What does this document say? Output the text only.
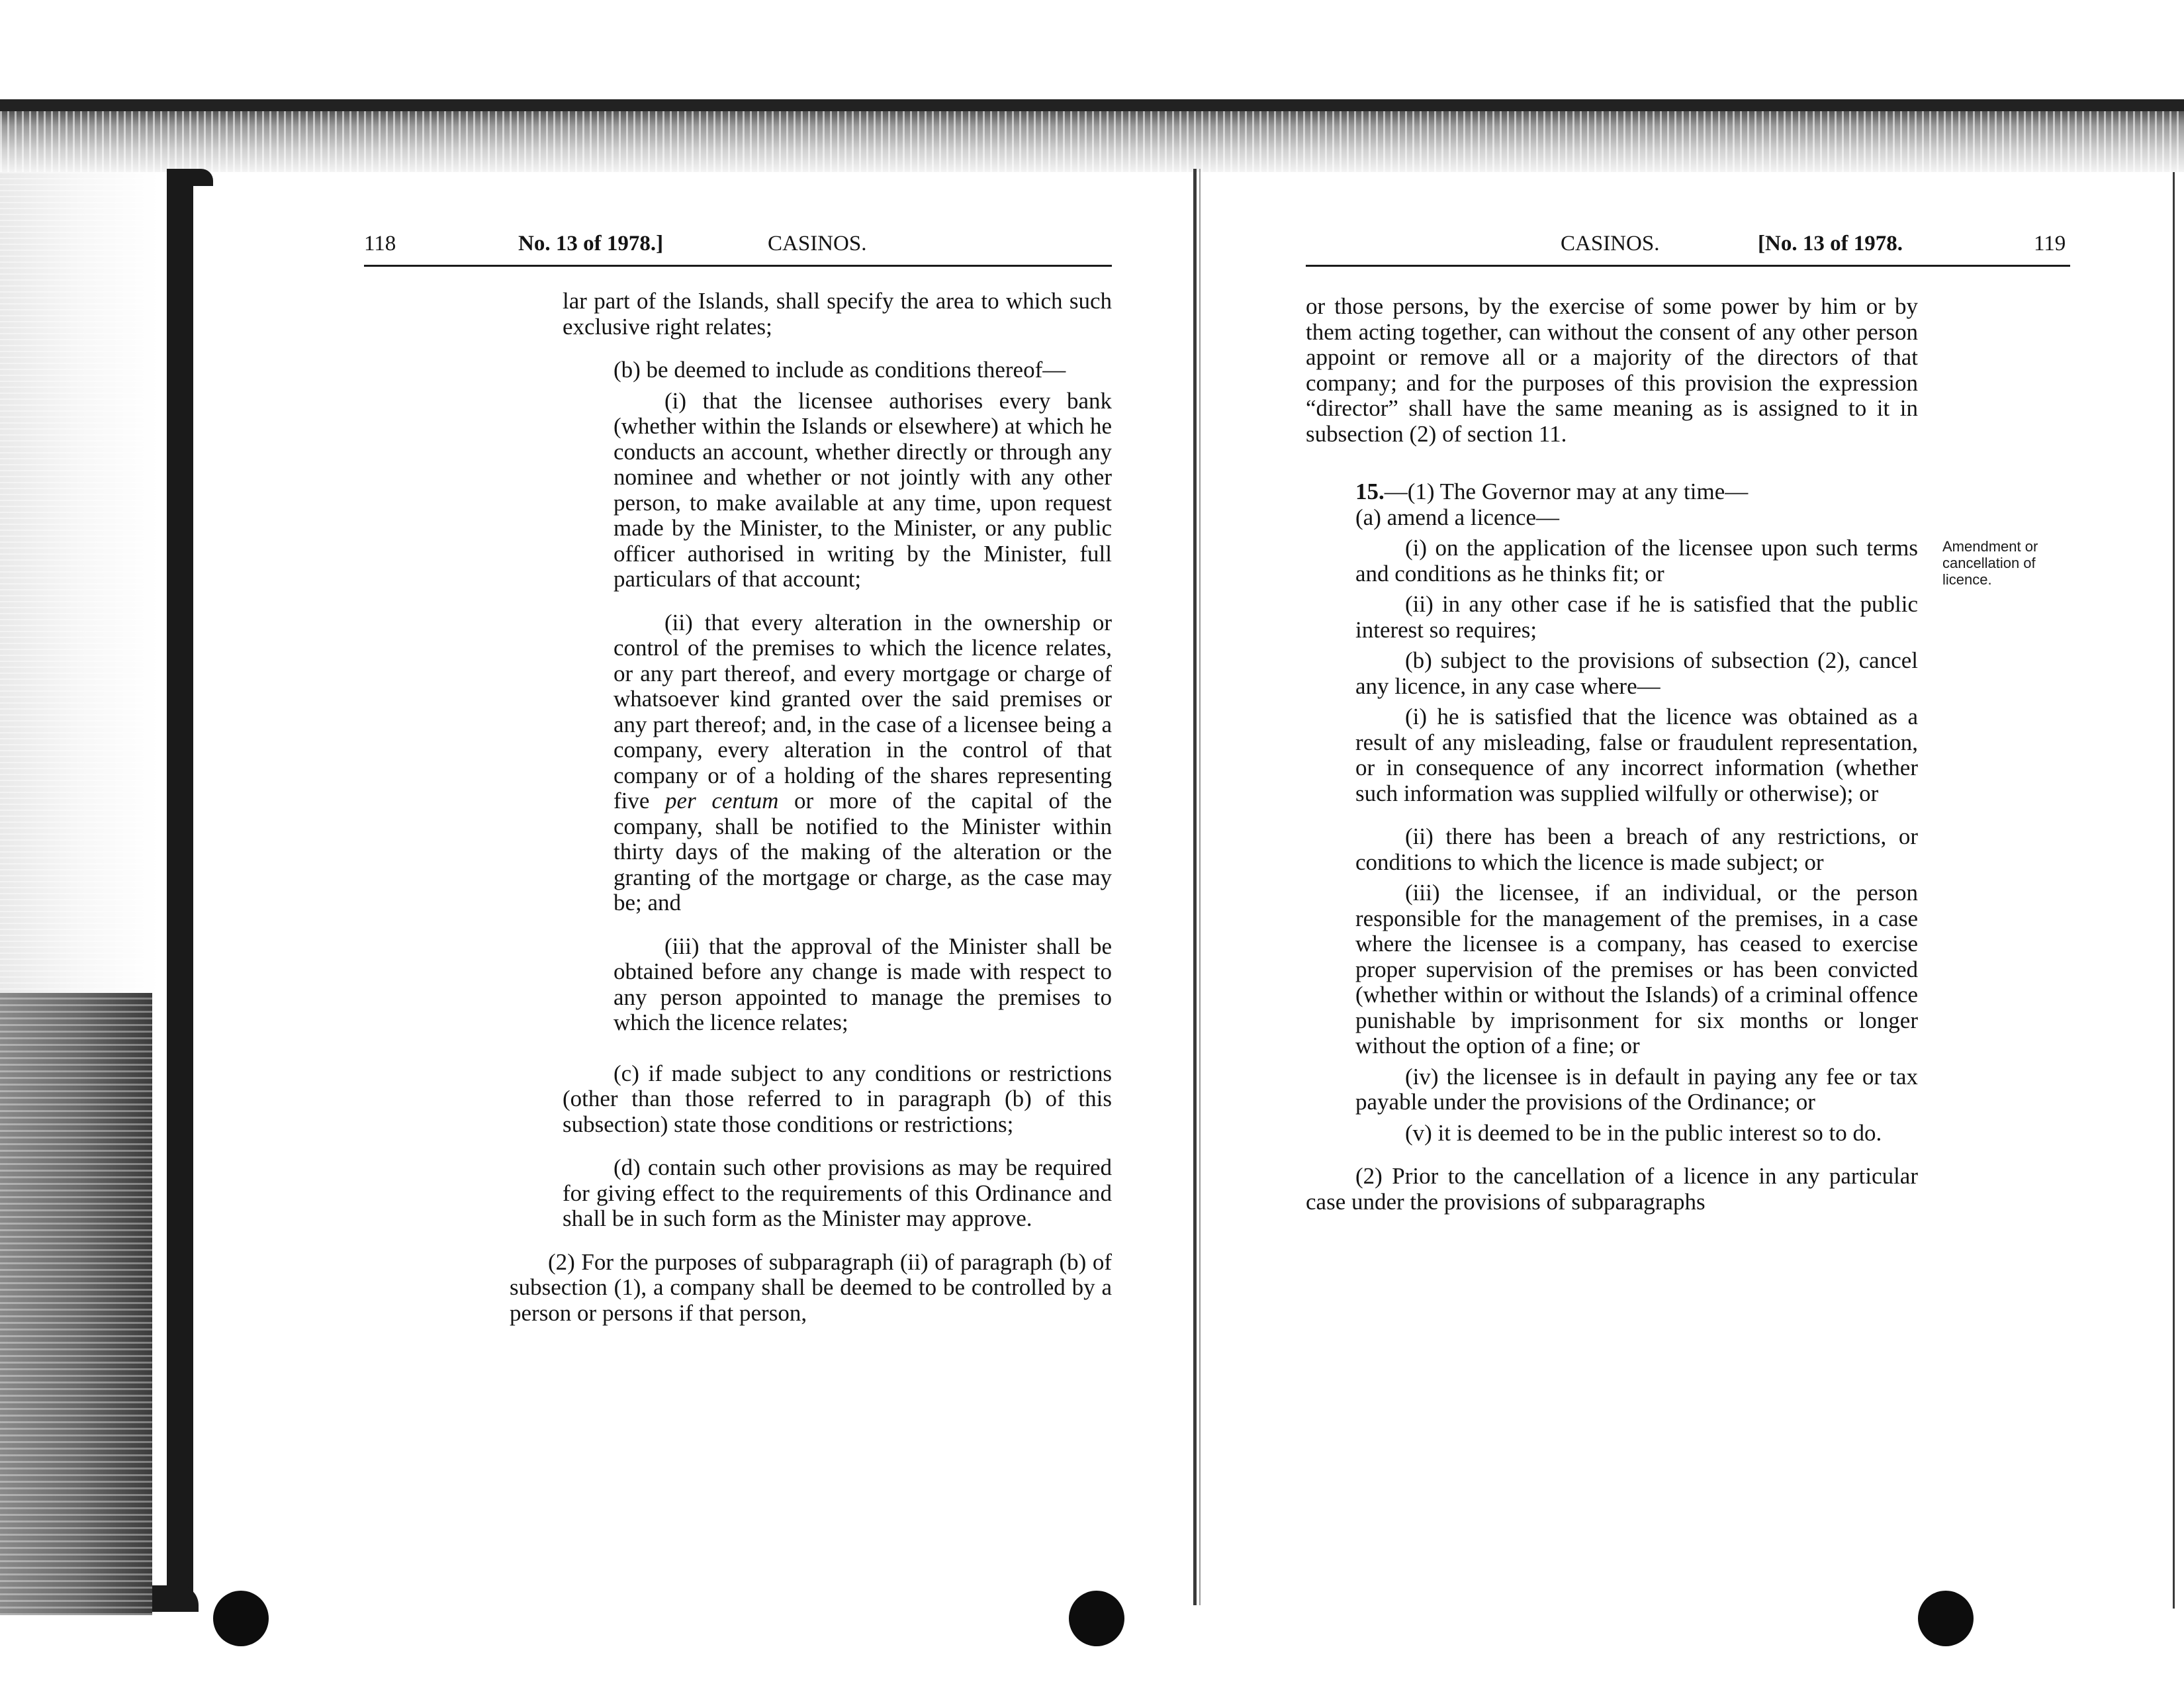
118	No. 13 of 1978.]	CASINOS.

lar part of the Islands, shall specify the area to which such exclusive right relates;

(b) be deemed to include as conditions thereof—

(i) that the licensee authorises every bank (whether within the Islands or elsewhere) at which he conducts an account, whether directly or through any nominee and whether or not jointly with any other person, to make available at any time, upon request made by the Minister, to the Minister, or any public officer authorised in writing by the Minister, full particulars of that account;

(ii) that every alteration in the ownership or control of the premises to which the licence relates, or any part thereof, and every mortgage or charge of whatsoever kind granted over the said premises or any part thereof; and, in the case of a licensee being a company, every alteration in the control of that company or of a holding of the shares representing five per centum or more of the capital of the company, shall be notified to the Minister within thirty days of the making of the alteration or the granting of the mortgage or charge, as the case may be; and

(iii) that the approval of the Minister shall be obtained before any change is made with respect to any person appointed to manage the premises to which the licence relates;

(c) if made subject to any conditions or restrictions (other than those referred to in paragraph (b) of this subsection) state those conditions or restrictions;

(d) contain such other provisions as may be required for giving effect to the requirements of this Ordinance and shall be in such form as the Minister may approve.

(2) For the purposes of subparagraph (ii) of paragraph (b) of subsection (1), a company shall be deemed to be controlled by a person or persons if that person,

CASINOS.	[No. 13 of 1978.	119

or those persons, by the exercise of some power by him or by them acting together, can without the consent of any other person appoint or remove all or a majority of the directors of that company; and for the purposes of this provision the expression “director” shall have the same meaning as is assigned to it in subsection (2) of section 11.

15.—(1) The Governor may at any time—

(a) amend a licence—

(i) on the application of the licensee upon such terms and conditions as he thinks fit; or

(ii) in any other case if he is satisfied that the public interest so requires;

(b) subject to the provisions of subsection (2), cancel any licence, in any case where—

(i) he is satisfied that the licence was obtained as a result of any misleading, false or fraudulent representation, or in consequence of any incorrect information (whether such information was supplied wilfully or otherwise); or

(ii) there has been a breach of any restrictions, or conditions to which the licence is made subject; or

(iii) the licensee, if an individual, or the person responsible for the management of the premises, in a case where the licensee is a company, has ceased to exercise proper supervision of the premises or has been convicted (whether within or without the Islands) of a criminal offence punishable by imprisonment for six months or longer without the option of a fine; or

(iv) the licensee is in default in paying any fee or tax payable under the provisions of the Ordinance; or

(v) it is deemed to be in the public interest so to do.

(2) Prior to the cancellation of a licence in any particular case under the provisions of subparagraphs

Amendment or cancellation of licence.
